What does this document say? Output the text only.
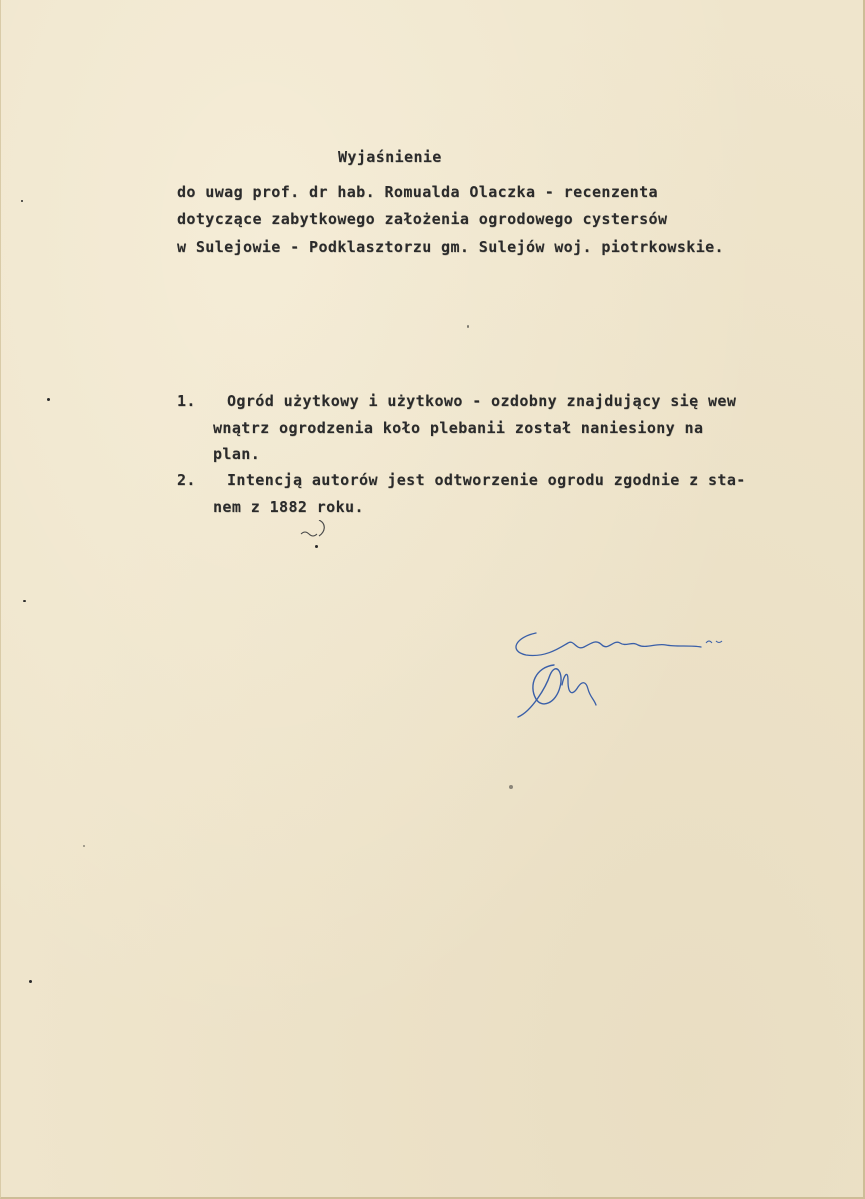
Wyjaśnienie
do uwag prof. dr hab. Romualda Olaczka - recenzenta
dotyczące zabytkowego założenia ogrodowego cystersów
w Sulejowie - Podklasztorzu gm. Sulejów woj. piotrkowskie.
1. Ogród użytkowy i użytkowo - ozdobny znajdujący się wew
wnątrz ogrodzenia koło plebanii został naniesiony na
plan.
2. Intencją autorów jest odtworzenie ogrodu zgodnie z sta-
nem z 1882 roku.
